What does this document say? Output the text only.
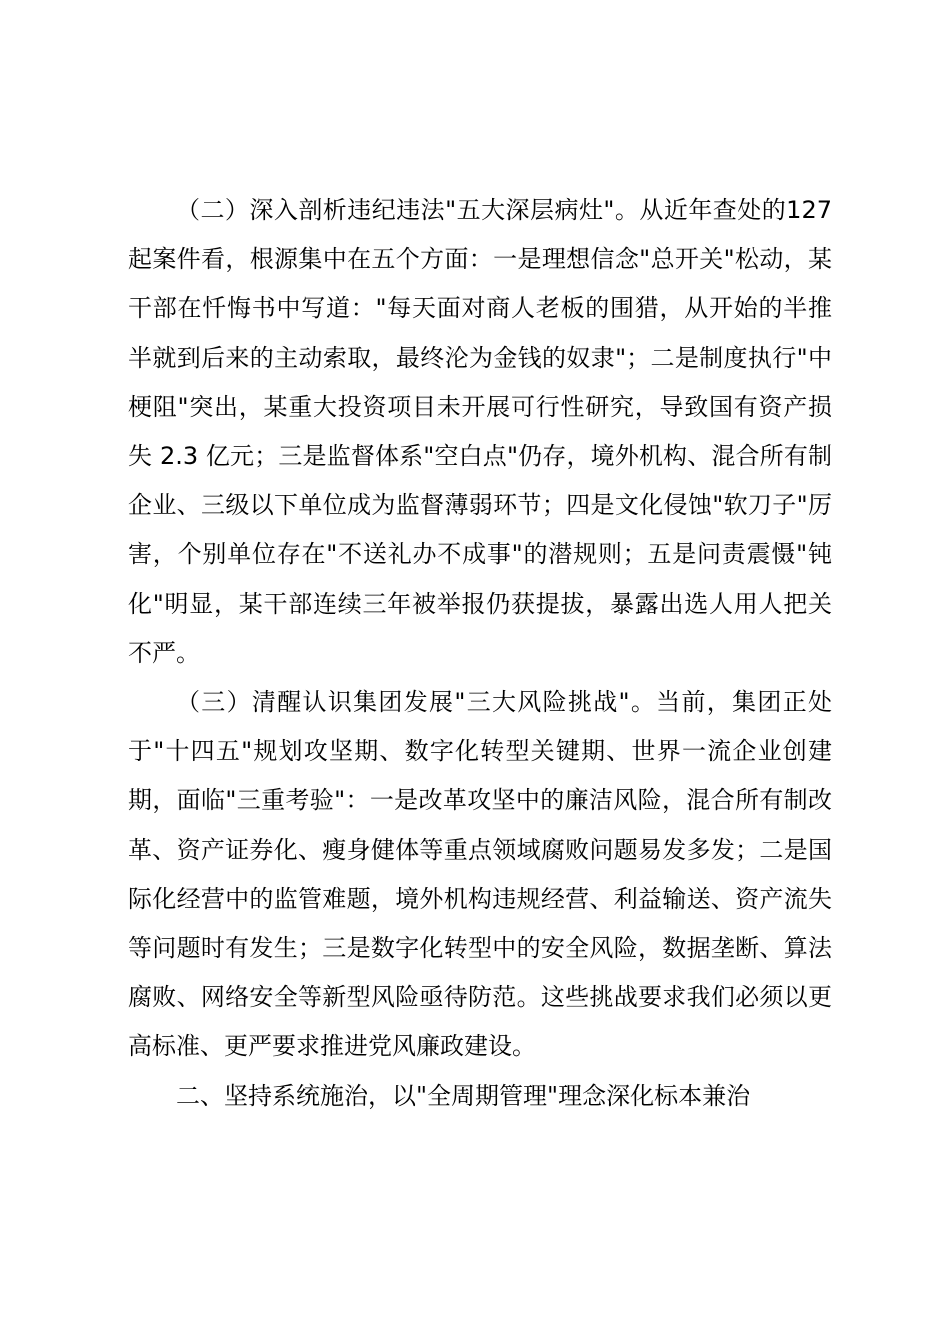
（二）深入剖析违纪违法"五大深层病灶"。从近年查处的127 起案件看，根源集中在五个方面：一是理想信念"总开关"松动，某干部在忏悔书中写道："每天面对商人老板的围猎，从开始的半推半就到后来的主动索取，最终沦为金钱的奴隶"；二是制度执行"中梗阻"突出，某重大投资项目未开展可行性研究，导致国有资产损失 2.3 亿元；三是监督体系"空白点"仍存，境外机构、混合所有制企业、三级以下单位成为监督薄弱环节；四是文化侵蚀"软刀子"厉害，个别单位存在"不送礼办不成事"的潜规则；五是问责震慑"钝化"明显，某干部连续三年被举报仍获提拔，暴露出选人用人把关不严。

（三）清醒认识集团发展"三大风险挑战"。当前，集团正处于"十四五"规划攻坚期、数字化转型关键期、世界一流企业创建期，面临"三重考验"：一是改革攻坚中的廉洁风险，混合所有制改革、资产证券化、瘦身健体等重点领域腐败问题易发多发；二是国际化经营中的监管难题，境外机构违规经营、利益输送、资产流失等问题时有发生；三是数字化转型中的安全风险，数据垄断、算法腐败、网络安全等新型风险亟待防范。这些挑战要求我们必须以更高标准、更严要求推进党风廉政建设。

二、坚持系统施治，以"全周期管理"理念深化标本兼治
